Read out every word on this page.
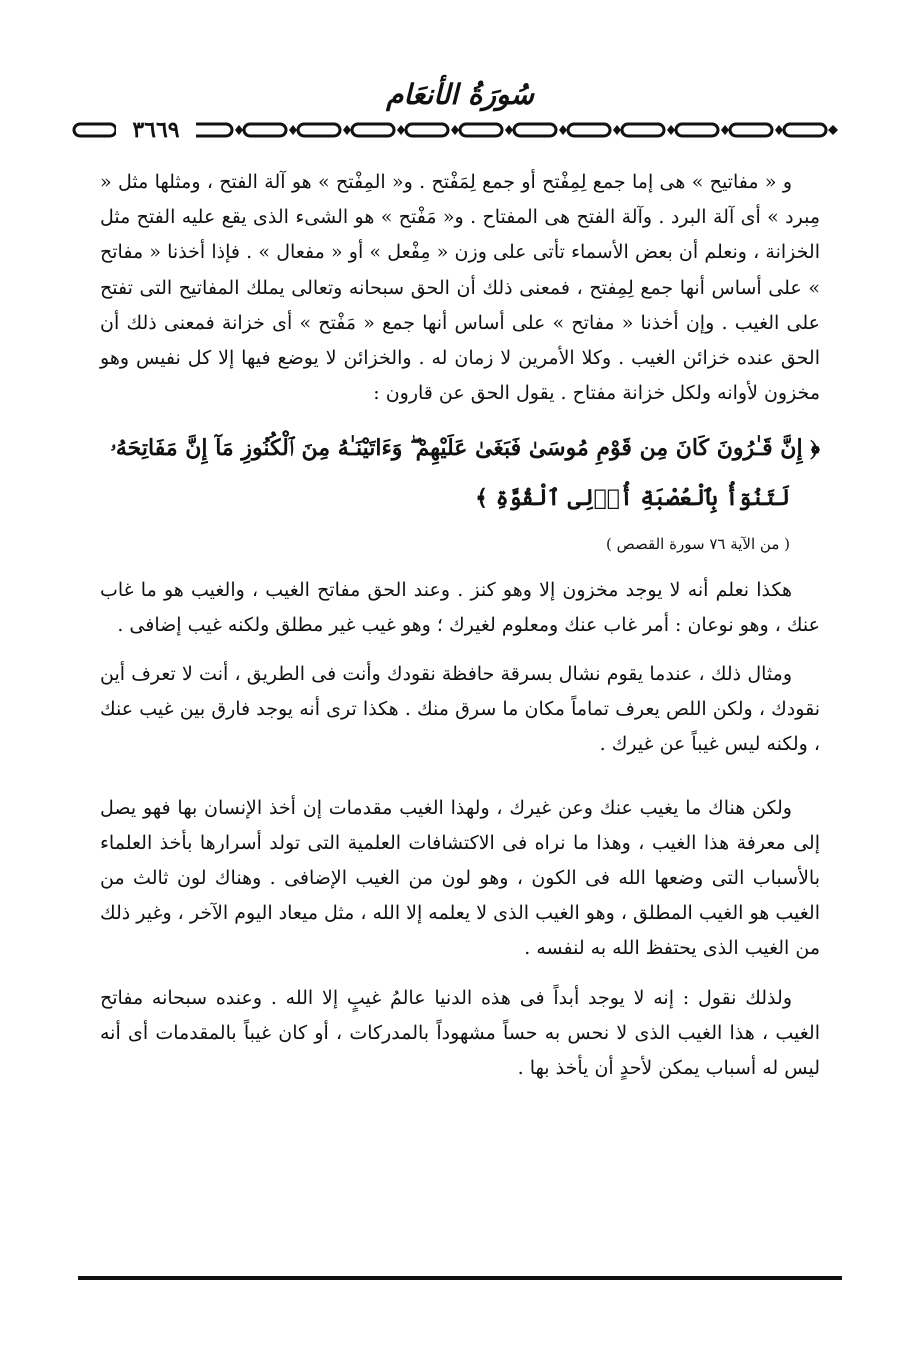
سُورَةُ الأنعَام
٣٦٦٩

و « مفاتيح » هى إما جمع لِمِفْتح أو جمع لِمَفْتح . و« المِفْتح » هو آلة الفتح ، ومثلها مثل « مِبرد » أى آلة البرد . وآلة الفتح هى المفتاح . و« مَفْتح » هو الشىء الذى يقع عليه الفتح مثل الخزانة ، ونعلم أن بعض الأسماء تأتى على وزن « مِفْعل » أو « مفعال » . فإذا أخذنا « مفاتح » على أساس أنها جمع لِمِفتح ، فمعنى ذلك أن الحق سبحانه وتعالى يملك المفاتيح التى تفتح على الغيب . وإن أخذنا « مفاتح » على أساس أنها جمع « مَفْتح » أى خزانة فمعنى ذلك أن الحق عنده خزائن الغيب . وكلا الأمرين لا زمان له . والخزائن لا يوضع فيها إلا كل نفيس وهو مخزون لأوانه ولكل خزانة مفتاح . يقول الحق عن قارون :

﴿ إِنَّ قَـٰرُونَ كَانَ مِن قَوْمِ مُوسَىٰ فَبَغَىٰ عَلَيْهِمْ ۖ وَءَاتَيْنَـٰهُ مِنَ ٱلْكُنُوزِ مَآ إِنَّ مَفَاتِحَهُۥ
لَتَنُوٓأُ بِٱلْعُصْبَةِ أُو۟لِى ٱلْقُوَّةِ ﴾
( من الآية ٧٦ سورة القصص )

هكذا نعلم أنه لا يوجد مخزون إلا وهو كنز . وعند الحق مفاتح الغيب ، والغيب هو ما غاب عنك ، وهو نوعان : أمر غاب عنك ومعلوم لغيرك ؛ وهو غيب غير مطلق ولكنه غيب إضافى .

ومثال ذلك ، عندما يقوم نشال بسرقة حافظة نقودك وأنت فى الطريق ، أنت لا تعرف أين نقودك ، ولكن اللص يعرف تماماً مكان ما سرق منك . هكذا ترى أنه يوجد فارق بين غيب عنك ، ولكنه ليس غيباً عن غيرك .

ولكن هناك ما يغيب عنك وعن غيرك ، ولهذا الغيب مقدمات إن أخذ الإنسان بها فهو يصل إلى معرفة هذا الغيب ، وهذا ما نراه فى الاكتشافات العلمية التى تولد أسرارها بأخذ العلماء بالأسباب التى وضعها الله فى الكون ، وهو لون من الغيب الإضافى . وهناك لون ثالث من الغيب هو الغيب المطلق ، وهو الغيب الذى لا يعلمه إلا الله ، مثل ميعاد اليوم الآخر ، وغير ذلك من الغيب الذى يحتفظ الله به لنفسه .

ولذلك نقول : إنه لا يوجد أبداً فى هذه الدنيا عالمُ غيبٍ إلا الله . وعنده سبحانه مفاتح الغيب ، هذا الغيب الذى لا نحس به حساً مشهوداً بالمدركات ، أو كان غيباً بالمقدمات أى أنه ليس له أسباب يمكن لأحدٍ أن يأخذ بها .
